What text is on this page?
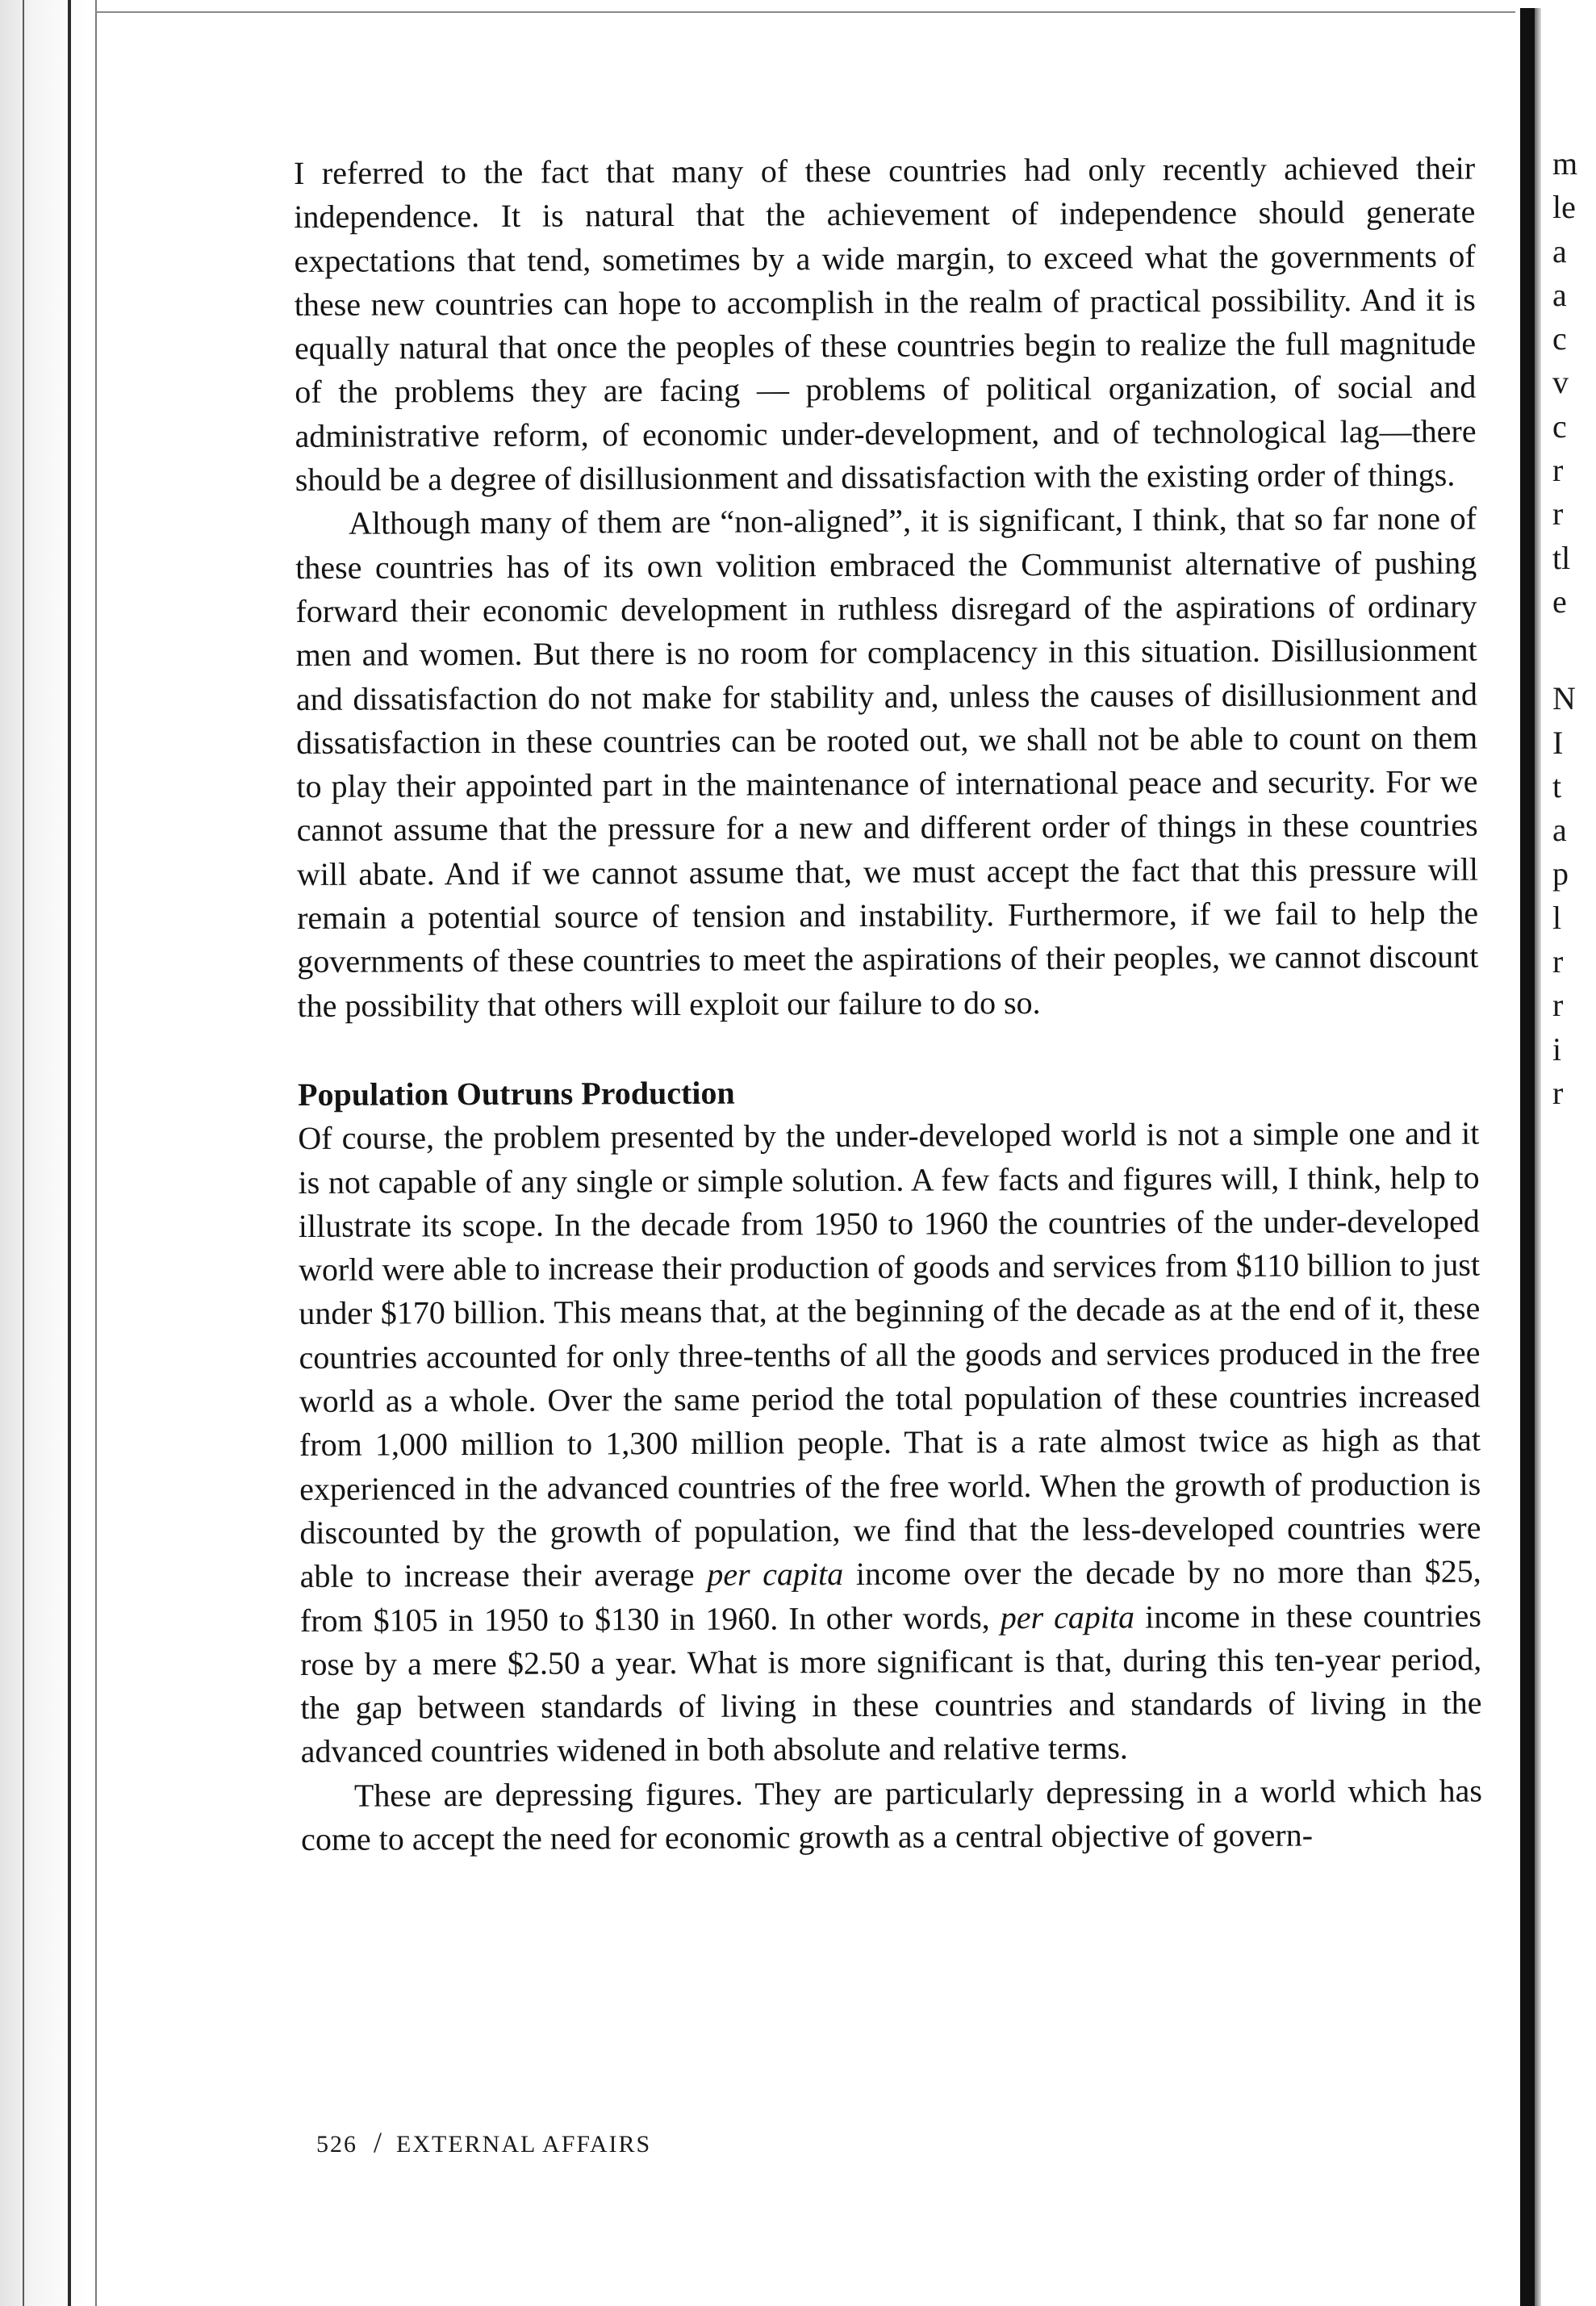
m
le
a
a
c
v
c
r
r
tl
e
N
I
t
a
p
l
r
r
i
r

I referred to the fact that many of these countries had only recently achieved their independence. It is natural that the achievement of independence should generate expectations that tend, sometimes by a wide margin, to exceed what the governments of these new countries can hope to accomplish in the realm of practical possibility. And it is equally natural that once the peoples of these countries begin to realize the full magnitude of the problems they are facing — problems of political organization, of social and administrative reform, of economic under-development, and of technological lag—there should be a degree of disillusionment and dissatisfaction with the existing order of things.

Although many of them are “non-aligned”, it is significant, I think, that so far none of these countries has of its own volition embraced the Communist alternative of pushing forward their economic development in ruthless disregard of the aspirations of ordinary men and women. But there is no room for complacency in this situation. Disillusionment and dissatisfaction do not make for stability and, unless the causes of disillusionment and dissatisfaction in these countries can be rooted out, we shall not be able to count on them to play their appointed part in the maintenance of international peace and security. For we cannot assume that the pressure for a new and different order of things in these countries will abate. And if we cannot assume that, we must accept the fact that this pressure will remain a potential source of tension and instability. Furthermore, if we fail to help the governments of these countries to meet the aspirations of their peoples, we cannot discount the possibility that others will exploit our failure to do so.

Population Outruns Production

Of course, the problem presented by the under-developed world is not a simple one and it is not capable of any single or simple solution. A few facts and figures will, I think, help to illustrate its scope. In the decade from 1950 to 1960 the countries of the under-developed world were able to increase their production of goods and services from $110 billion to just under $170 billion. This means that, at the beginning of the decade as at the end of it, these countries accounted for only three-tenths of all the goods and services produced in the free world as a whole. Over the same period the total population of these countries increased from 1,000 million to 1,300 million people. That is a rate almost twice as high as that experienced in the advanced countries of the free world. When the growth of production is discounted by the growth of population, we find that the less-developed countries were able to increase their average per capita income over the decade by no more than $25, from $105 in 1950 to $130 in 1960. In other words, per capita income in these countries rose by a mere $2.50 a year. What is more significant is that, during this ten-year period, the gap between standards of living in these countries and standards of living in the advanced countries widened in both absolute and relative terms.

These are depressing figures. They are particularly depressing in a world which has come to accept the need for economic growth as a central objective of govern-

526 / EXTERNAL AFFAIRS
